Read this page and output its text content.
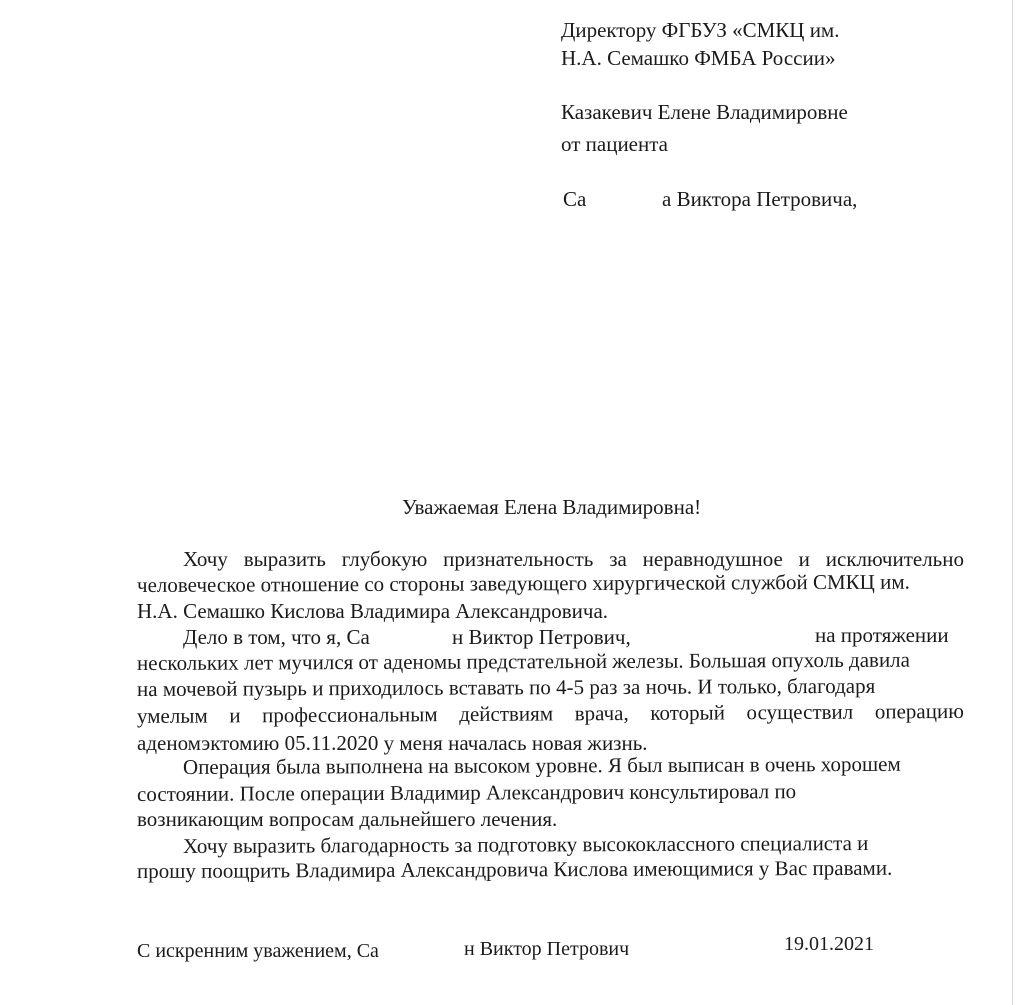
Директору ФГБУЗ «СМКЦ им.
Н.А. Семашко ФМБА России»
Казакевич Елене Владимировне
от пациента
Са	а Виктора Петровича,
Уважаемая Елена Владимировна!
Хочу выразить глубокую признательность за неравнодушное и исключительно
человеческое отношение со стороны заведующего хирургической службой СМКЦ им.
Н.А. Семашко Кислова Владимира Александровича.
Дело в том, что я, Са	н Виктор Петрович,	на протяжении
нескольких лет мучился от аденомы предстательной железы. Большая опухоль давила
на мочевой пузырь и приходилось вставать по 4-5 раз за ночь. И только, благодаря
умелым и профессиональным действиям врача, который осуществил операцию
аденомэктомию 05.11.2020 у меня началась новая жизнь.
Операция была выполнена на высоком уровне. Я был выписан в очень хорошем
состоянии. После операции Владимир Александрович консультировал по
возникающим вопросам дальнейшего лечения.
Хочу выразить благодарность за подготовку высококлассного специалиста и
прошу поощрить Владимира Александровича Кислова имеющимися у Вас правами.
С искренним уважением, Са	н Виктор Петрович	19.01.2021
